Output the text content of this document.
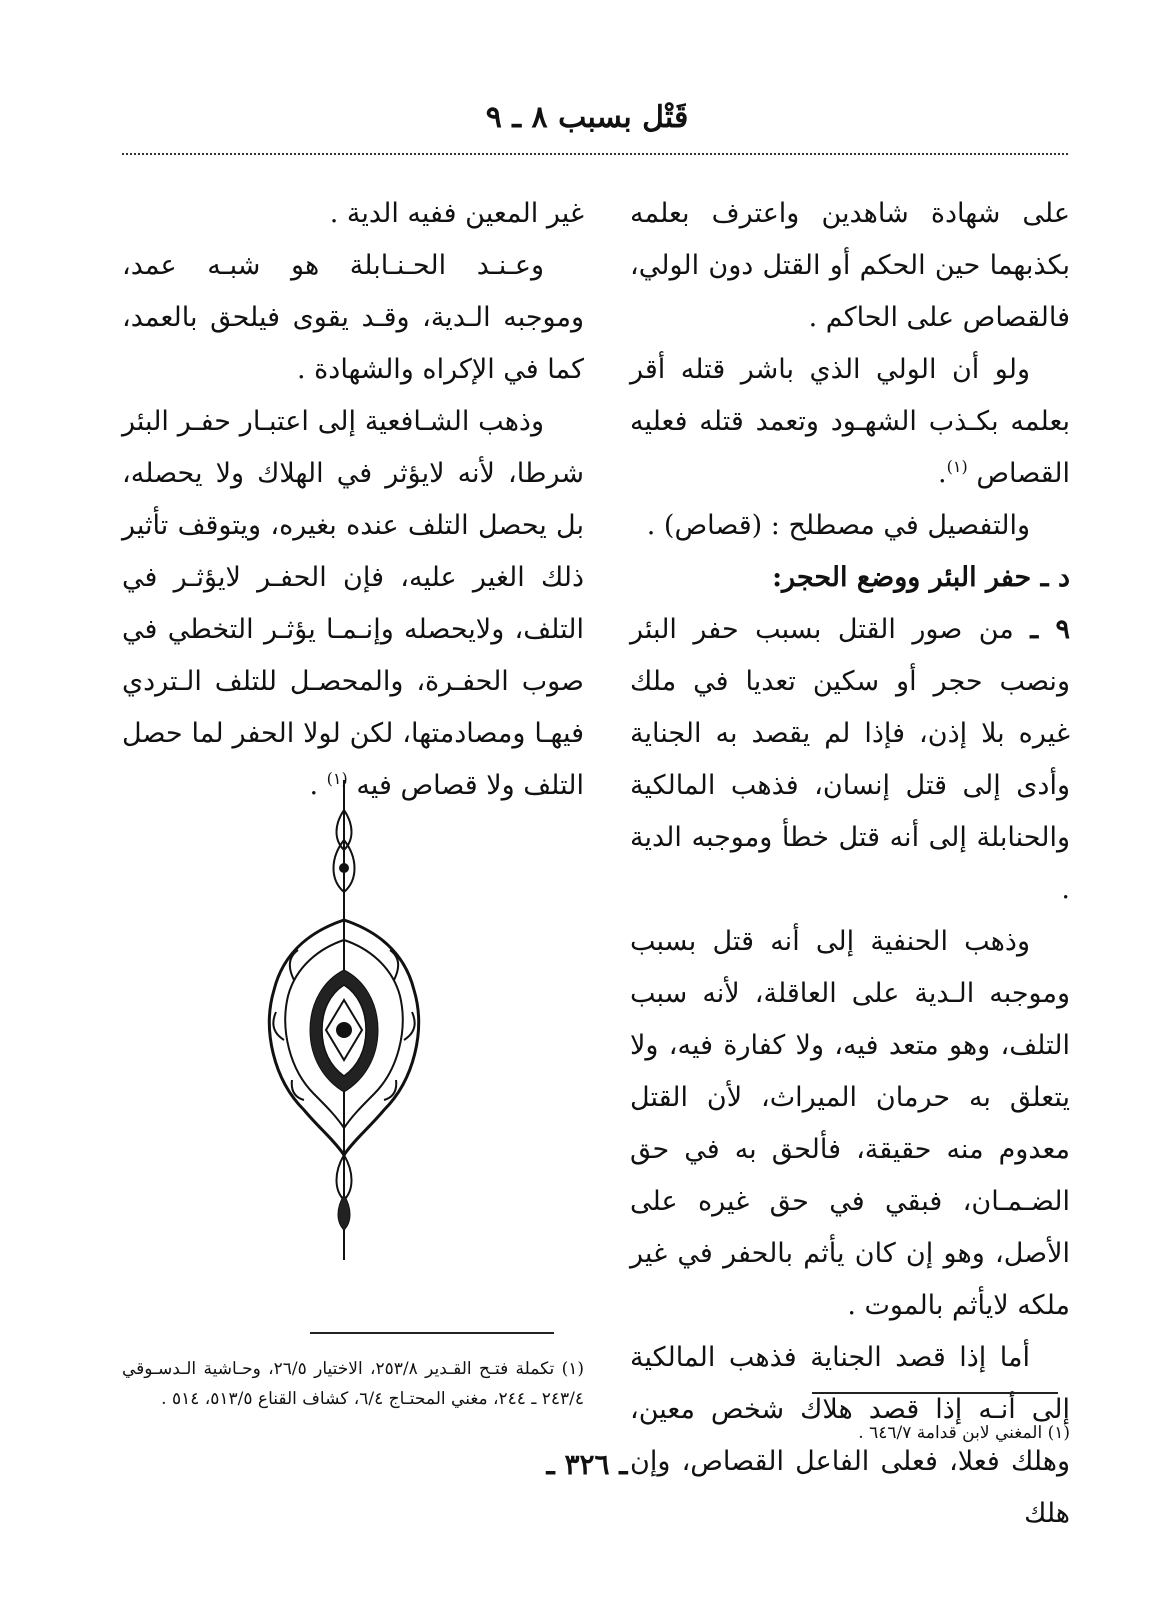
قَتْل بسبب ٨ ـ ٩

على شهادة شاهدين واعترف بعلمه بكذبهما حين الحكم أو القتل دون الولي، فالقصاص على الحاكم .

ولو أن الولي الذي باشر قتله أقر بعلمه بكـذب الشهـود وتعمد قتله فعليه القصاص $^{(١)}$.

والتفصيل في مصطلح : (قصاص) .

د ـ حفر البئر ووضع الحجر:

٩ ـ من صور القتل بسبب حفر البئر ونصب حجر أو سكين تعديا في ملك غيره بلا إذن، فإذا لم يقصد به الجناية وأدى إلى قتل إنسان، فذهب المالكية والحنابلة إلى أنه قتل خطأ وموجبه الدية .

وذهب الحنفية إلى أنه قتل بسبب وموجبه الـدية على العاقلة، لأنه سبب التلف، وهو متعد فيه، ولا كفارة فيه، ولا يتعلق به حرمان الميراث، لأن القتل معدوم منه حقيقة، فألحق به في حق الضـمـان، فبقي في حق غيره على الأصل، وهو إن كان يأثم بالحفر في غير ملكه لايأثم بالموت .

أما إذا قصد الجناية فذهب المالكية إلى أنـه إذا قصد هلاك شخص معين، وهلك فعلا، فعلى الفاعل القصاص، وإن هلك

غير المعين ففيه الدية .

وعـنـد الحـنـابلة هو شبـه عمد، وموجبه الـدية، وقـد يقوى فيلحق بالعمد، كما في الإكراه والشهادة .

وذهب الشـافعية إلى اعتبـار حفـر البئر شرطا، لأنه لايؤثر في الهلاك ولا يحصله، بل يحصل التلف عنده بغيره، ويتوقف تأثير ذلك الغير عليه، فإن الحفـر لايؤثـر في التلف، ولايحصله وإنـمـا يؤثـر التخطي في صوب الحفـرة، والمحصـل للتلف الـتردي فيهـا ومصادمتها، لكن لولا الحفر لما حصل التلف ولا قصاص فيه $^{(١)}$ .

(١) المغني لابن قدامة ٦٤٦/٧ .
(١) تكملة فتـح القـدير ٢٥٣/٨، الاختيار ٢٦/٥، وحـاشية الـدسـوقي ٢٤٣/٤ ـ ٢٤٤، مغني المحتـاج ٦/٤، كشاف القناع ٥١٣/٥، ٥١٤ .
ـ ٣٢٦ ـ
